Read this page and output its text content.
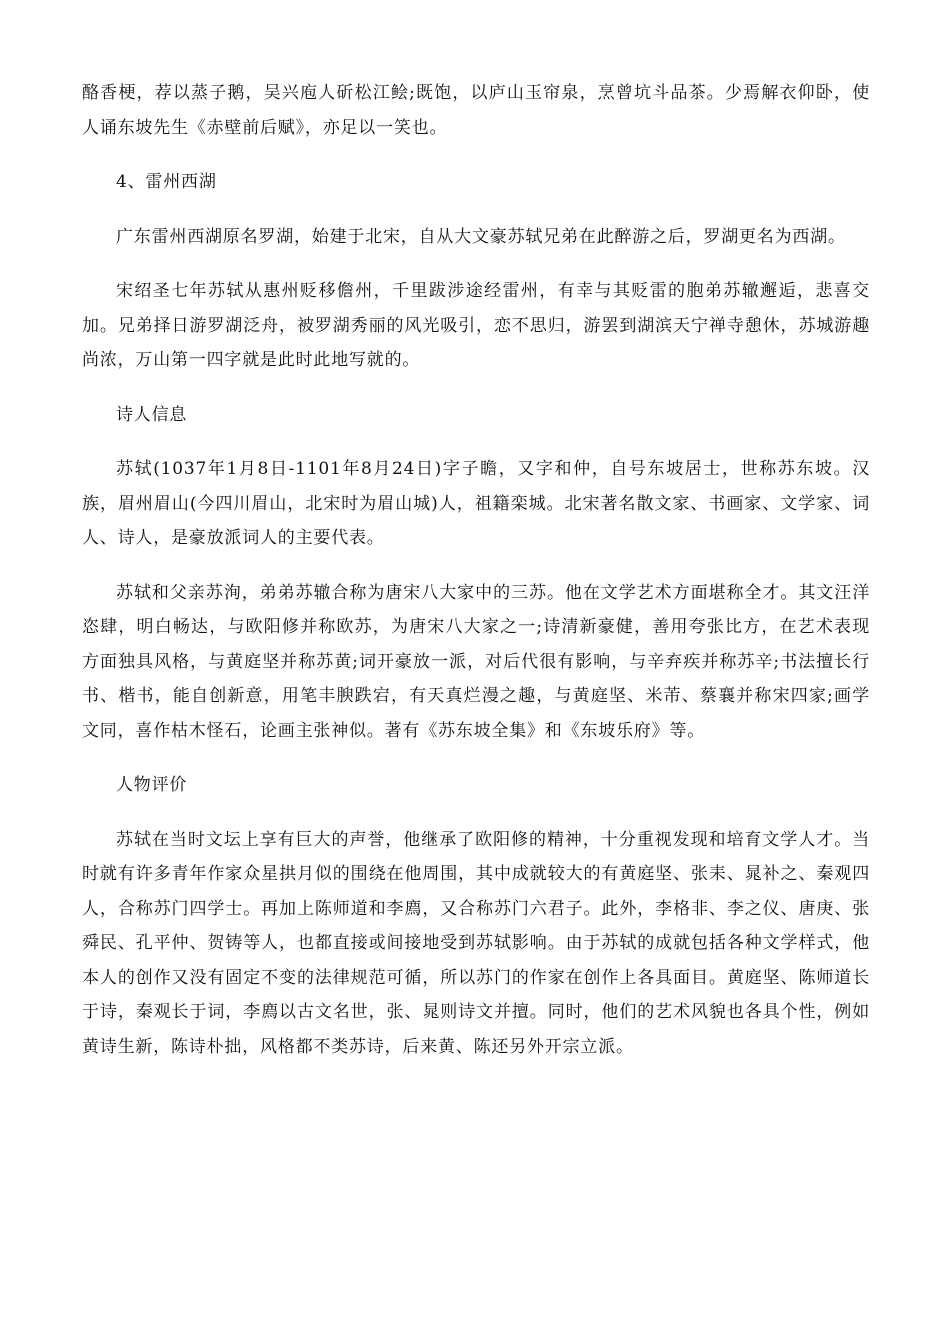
酪香梗，荐以蒸子鹅，吴兴庖人斫松江鲙;既饱，以庐山玉帘泉，烹曾坑斗品茶。少焉解衣仰卧，使人诵东坡先生《赤壁前后赋》，亦足以一笑也。

4、雷州西湖

广东雷州西湖原名罗湖，始建于北宋，自从大文豪苏轼兄弟在此醉游之后，罗湖更名为西湖。

宋绍圣七年苏轼从惠州贬移儋州，千里跋涉途经雷州，有幸与其贬雷的胞弟苏辙邂逅，悲喜交加。兄弟择日游罗湖泛舟，被罗湖秀丽的风光吸引，恋不思归，游罢到湖滨天宁禅寺憩休，苏城游趣尚浓，万山第一四字就是此时此地写就的。

诗人信息

苏轼(1037年1月8日-1101年8月24日)字子瞻，又字和仲，自号东坡居士，世称苏东坡。汉族，眉州眉山(今四川眉山，北宋时为眉山城)人，祖籍栾城。北宋著名散文家、书画家、文学家、词人、诗人，是豪放派词人的主要代表。

苏轼和父亲苏洵，弟弟苏辙合称为唐宋八大家中的三苏。他在文学艺术方面堪称全才。其文汪洋恣肆，明白畅达，与欧阳修并称欧苏，为唐宋八大家之一;诗清新豪健，善用夸张比方，在艺术表现方面独具风格，与黄庭坚并称苏黄;词开豪放一派，对后代很有影响，与辛弃疾并称苏辛;书法擅长行书、楷书，能自创新意，用笔丰腴跌宕，有天真烂漫之趣，与黄庭坚、米芾、蔡襄并称宋四家;画学文同，喜作枯木怪石，论画主张神似。著有《苏东坡全集》和《东坡乐府》等。

人物评价

苏轼在当时文坛上享有巨大的声誉，他继承了欧阳修的精神，十分重视发现和培育文学人才。当时就有许多青年作家众星拱月似的围绕在他周围，其中成就较大的有黄庭坚、张耒、晁补之、秦观四人，合称苏门四学士。再加上陈师道和李廌，又合称苏门六君子。此外，李格非、李之仪、唐庚、张舜民、孔平仲、贺铸等人，也都直接或间接地受到苏轼影响。由于苏轼的成就包括各种文学样式，他本人的创作又没有固定不变的法律规范可循，所以苏门的作家在创作上各具面目。黄庭坚、陈师道长于诗，秦观长于词，李廌以古文名世，张、晁则诗文并擅。同时，他们的艺术风貌也各具个性，例如黄诗生新，陈诗朴拙，风格都不类苏诗，后来黄、陈还另外开宗立派。
